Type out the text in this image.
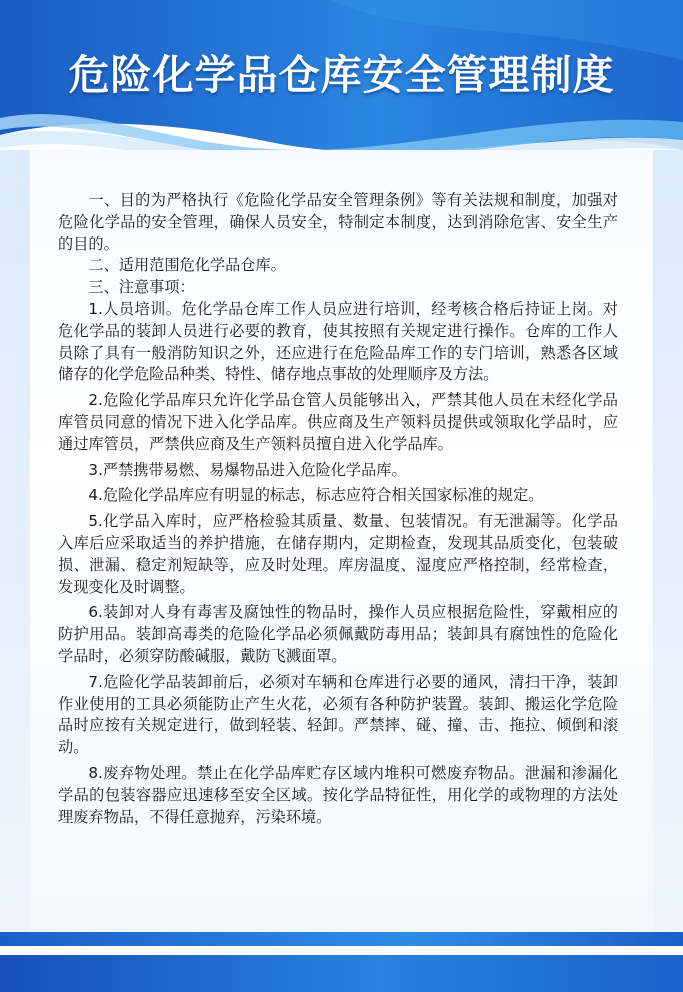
危险化学品仓库安全管理制度

一、目的为严格执行《危险化学品安全管理条例》等有关法规和制度，加强对危险化学品的安全管理，确保人员安全，特制定本制度，达到消除危害、安全生产的目的。

二、适用范围危化学品仓库。

三、注意事项：

1.人员培训。危化学品仓库工作人员应进行培训，经考核合格后持证上岗。对危化学品的装卸人员进行必要的教育，使其按照有关规定进行操作。仓库的工作人员除了具有一般消防知识之外，还应进行在危险品库工作的专门培训，熟悉各区域储存的化学危险品种类、特性、储存地点事故的处理顺序及方法。

2.危险化学品库只允许化学品仓管人员能够出入，严禁其他人员在未经化学品库管员同意的情况下进入化学品库。供应商及生产领料员提供或领取化学品时，应通过库管员，严禁供应商及生产领料员擅自进入化学品库。

3.严禁携带易燃、易爆物品进入危险化学品库。

4.危险化学品库应有明显的标志，标志应符合相关国家标准的规定。

5.化学品入库时，应严格检验其质量、数量、包装情况。有无泄漏等。化学品入库后应采取适当的养护措施，在储存期内，定期检查，发现其品质变化，包装破损、泄漏、稳定剂短缺等，应及时处理。库房温度、湿度应严格控制，经常检查，发现变化及时调整。

6.装卸对人身有毒害及腐蚀性的物品时，操作人员应根据危险性，穿戴相应的防护用品。装卸高毒类的危险化学品必须佩戴防毒用品；装卸具有腐蚀性的危险化学品时，必须穿防酸碱服，戴防飞溅面罩。

7.危险化学品装卸前后，必须对车辆和仓库进行必要的通风，清扫干净，装卸作业使用的工具必须能防止产生火花，必须有各种防护装置。装卸、搬运化学危险品时应按有关规定进行，做到轻装、轻卸。严禁摔、碰、撞、击、拖拉、倾倒和滚动。

8.废弃物处理。禁止在化学品库贮存区域内堆积可燃废弃物品。泄漏和渗漏化学品的包装容器应迅速移至安全区域。按化学品特征性，用化学的或物理的方法处理废弃物品，不得任意抛弃，污染环境。
